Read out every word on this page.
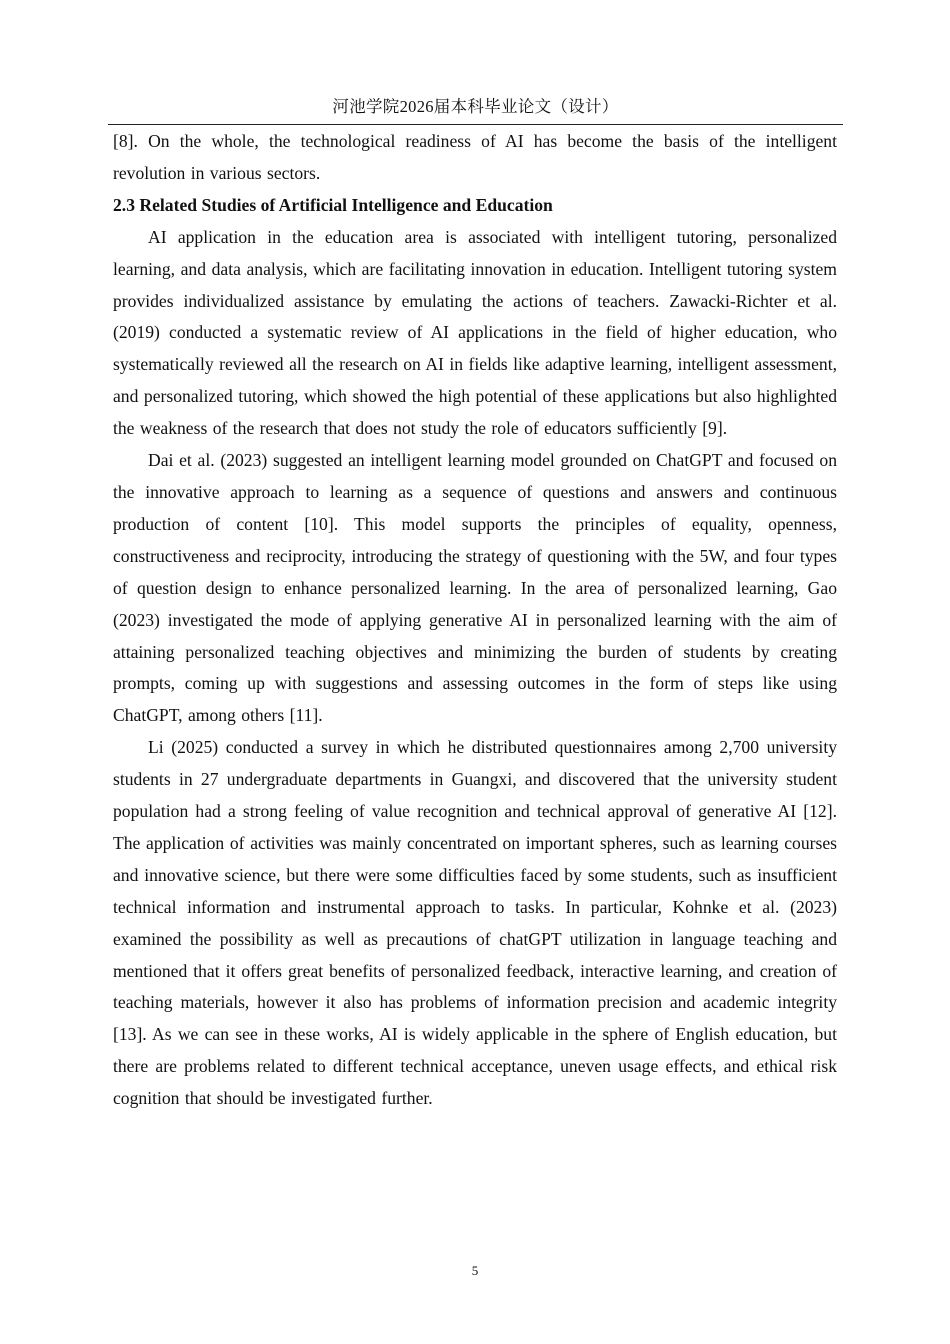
河池学院2026届本科毕业论文（设计）

[8]. On the whole, the technological readiness of AI has become the basis of the intelligent revolution in various sectors.

2.3 Related Studies of Artificial Intelligence and Education

AI application in the education area is associated with intelligent tutoring, personalized learning, and data analysis, which are facilitating innovation in education. Intelligent tutoring system provides individualized assistance by emulating the actions of teachers. Zawacki-Richter et al. (2019) conducted a systematic review of AI applications in the field of higher education, who systematically reviewed all the research on AI in fields like adaptive learning, intelligent assessment, and personalized tutoring, which showed the high potential of these applications but also highlighted the weakness of the research that does not study the role of educators sufficiently [9].

Dai et al. (2023) suggested an intelligent learning model grounded on ChatGPT and focused on the innovative approach to learning as a sequence of questions and answers and continuous production of content [10]. This model supports the principles of equality, openness, constructiveness and reciprocity, introducing the strategy of questioning with the 5W, and four types of question design to enhance personalized learning. In the area of personalized learning, Gao (2023) investigated the mode of applying generative AI in personalized learning with the aim of attaining personalized teaching objectives and minimizing the burden of students by creating prompts, coming up with suggestions and assessing outcomes in the form of steps like using ChatGPT, among others [11].

Li (2025) conducted a survey in which he distributed questionnaires among 2,700 university students in 27 undergraduate departments in Guangxi, and discovered that the university student population had a strong feeling of value recognition and technical approval of generative AI [12]. The application of activities was mainly concentrated on important spheres, such as learning courses and innovative science, but there were some difficulties faced by some students, such as insufficient technical information and instrumental approach to tasks. In particular, Kohnke et al. (2023) examined the possibility as well as precautions of chatGPT utilization in language teaching and mentioned that it offers great benefits of personalized feedback, interactive learning, and creation of teaching materials, however it also has problems of information precision and academic integrity [13]. As we can see in these works, AI is widely applicable in the sphere of English education, but there are problems related to different technical acceptance, uneven usage effects, and ethical risk cognition that should be investigated further.

5
